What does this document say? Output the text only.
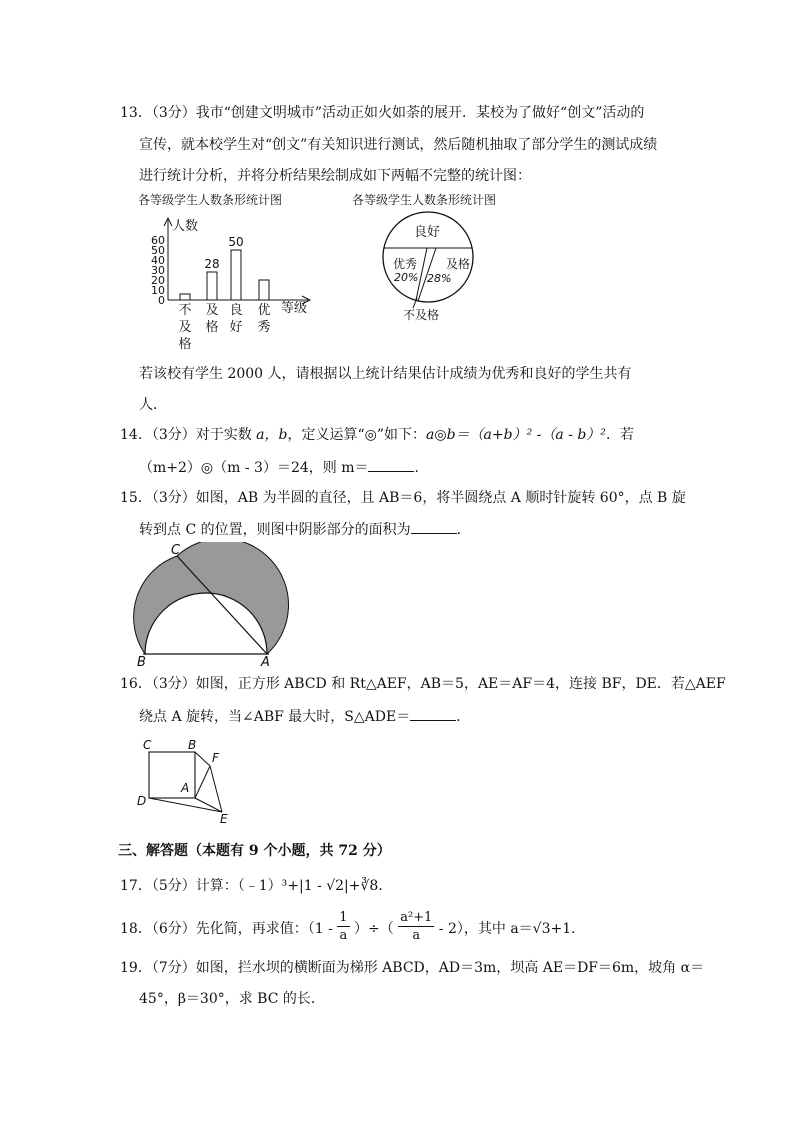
13．（3分）我市“创建文明城市”活动正如火如荼的展开．某校为了做好“创文”活动的
宣传，就本校学生对“创文”有关知识进行测试，然后随机抽取了部分学生的测试成绩
进行统计分析，并将分析结果绘制成如下两幅不完整的统计图：
各等级学生人数条形统计图
人数
60
50
40
30
20
10
0
28
50
不
及
格
及
格
良
好
优
秀
等级
各等级学生人数条形统计图
良好
优秀
20%
及格
28%
不及格
若该校有学生 2000 人，请根据以上统计结果估计成绩为优秀和良好的学生共有
人．
14．（3分）对于实数 a，b，定义运算“◎”如下：a◎b＝（a+b）² -（a - b）²．若
（m+2）◎（m - 3）＝24，则 m＝	．
15．（3分）如图，AB 为半圆的直径，且 AB＝6，将半圆绕点 A 顺时针旋转 60°，点 B 旋
转到点 C 的位置，则图中阴影部分的面积为	．
C
B	A
16．（3分）如图，正方形 ABCD 和 Rt△AEF，AB＝5，AE＝AF＝4，连接 BF，DE．若△AEF
绕点 A 旋转，当∠ABF 最大时，S△ADE＝	．
C	B
F
A
D
E
三、解答题（本题有 9 个小题，共 72 分）
17．（5分）计算：（﹣1）³+|1 - √2|+∛8．
18．（6分）先化简，再求值：（$1 - \frac{1}{a}$ ）÷（ $\frac{\text{a²+1}}{a} - 2$），其中 a＝√3+1．
19．（7分）如图，拦水坝的横断面为梯形 ABCD，AD＝3m，坝高 AE＝DF＝6m，坡角 α＝
45°，β＝30°，求 BC 的长．
